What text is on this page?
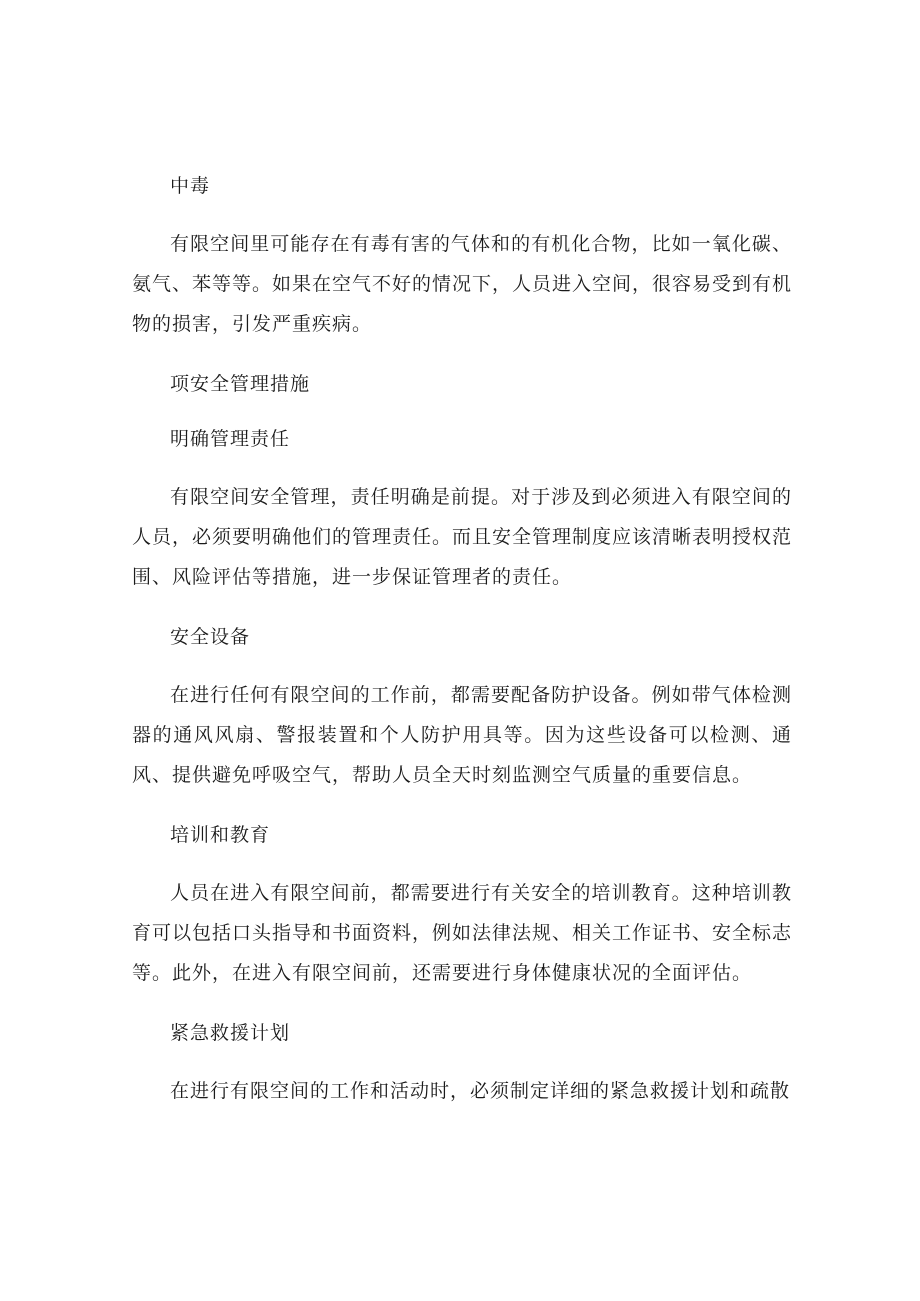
中毒

有限空间里可能存在有毒有害的气体和的有机化合物，比如一氧化碳、氨气、苯等等。如果在空气不好的情况下，人员进入空间，很容易受到有机物的损害，引发严重疾病。

项安全管理措施

明确管理责任

有限空间安全管理，责任明确是前提。对于涉及到必须进入有限空间的人员，必须要明确他们的管理责任。而且安全管理制度应该清晰表明授权范围、风险评估等措施，进一步保证管理者的责任。

安全设备

在进行任何有限空间的工作前，都需要配备防护设备。例如带气体检测器的通风风扇、警报装置和个人防护用具等。因为这些设备可以检测、通风、提供避免呼吸空气，帮助人员全天时刻监测空气质量的重要信息。

培训和教育

人员在进入有限空间前，都需要进行有关安全的培训教育。这种培训教育可以包括口头指导和书面资料，例如法律法规、相关工作证书、安全标志等。此外，在进入有限空间前，还需要进行身体健康状况的全面评估。

紧急救援计划

在进行有限空间的工作和活动时，必须制定详细的紧急救援计划和疏散
